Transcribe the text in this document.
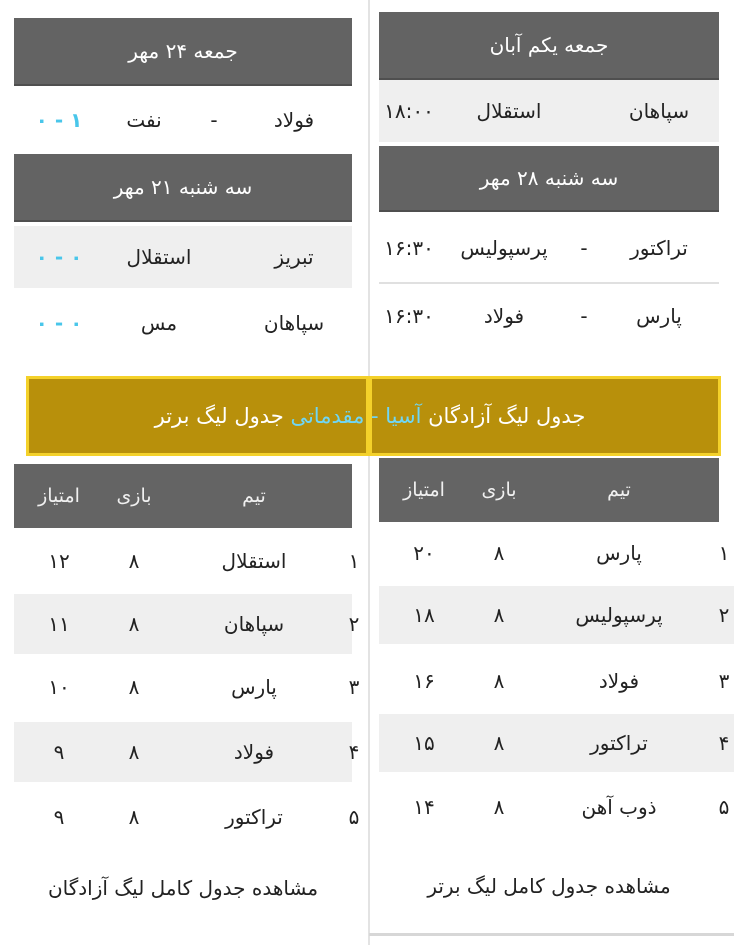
ﺟﻤﻌﻪ ﯾﮑﻢ ﺁﺑﺎﻥ
۱۸:۰۰	ﺍﺳﺘﻘﻼﻝ	ﺳﭙﺎﻫﺎﻥ
ﺳﻪ ﺷﻨﺒﻪ ۲۸ ﻣﻬﺮ
۱۶:۳۰	ﭘﺮﺳﭙﻮﻟﯿﺲ	-	ﺗﺮﺍﮐﺘﻮﺭ
۱۶:۳۰	ﻓﻮﻻﺩ	-	ﭘﺎﺭﺱ
ﺍﻣﺘﯿﺎﺯ	ﺑﺎﺯﯼ	ﺗﯿﻢ
۲۰	۸	ﭘﺎﺭﺱ	۱
۱۸	۸	ﭘﺮﺳﭙﻮﻟﯿﺲ	۲
۱۶	۸	ﻓﻮﻻﺩ	۳
۱۵	۸	ﺗﺮﺍﮐﺘﻮﺭ	۴
۱۴	۸	ﺫﻭﺏ ﺁﻫﻦ	۵
ﻣﺸﺎﻫﺪﻩ ﺟﺪﻭﻝ ﮐﺎﻣﻞ ﻟﯿﮓ ﺑﺮﺗﺮ
ﺟﻤﻌﻪ ۲۴ ﻣﻬﺮ
۱ - ۰	ﻧﻔﺖ	-	ﻓﻮﻻﺩ
ﺳﻪ ﺷﻨﺒﻪ ۲۱ ﻣﻬﺮ
۰ - ۰	ﺍﺳﺘﻘﻼﻝ	ﺗﺒﺮﯾﺰ
۰ - ۰	ﻣﺲ	ﺳﭙﺎﻫﺎﻥ
ﺍﻣﺘﯿﺎﺯ	ﺑﺎﺯﯼ	ﺗﯿﻢ
۱۲	۸	ﺍﺳﺘﻘﻼﻝ	۱
۱۱	۸	ﺳﭙﺎﻫﺎﻥ	۲
۱۰	۸	ﭘﺎﺭﺱ	۳
۹	۸	ﻓﻮﻻﺩ	۴
۹	۸	ﺗﺮﺍﮐﺘﻮﺭ	۵
ﻣﺸﺎﻫﺪﻩ ﺟﺪﻭﻝ ﮐﺎﻣﻞ ﻟﯿﮓ ﺁﺯﺍﺩﮔﺎﻥ
ﺟﺪﻭﻝ ﻟﯿﮓ ﺁﺯﺍﺩﮔﺎﻥ ﺁﺳﯿﺎ - ﻣﻘﺪﻣﺎﺗﯽ ﺟﺪﻭﻝ ﻟﯿﮓ ﺑﺮﺗﺮ
